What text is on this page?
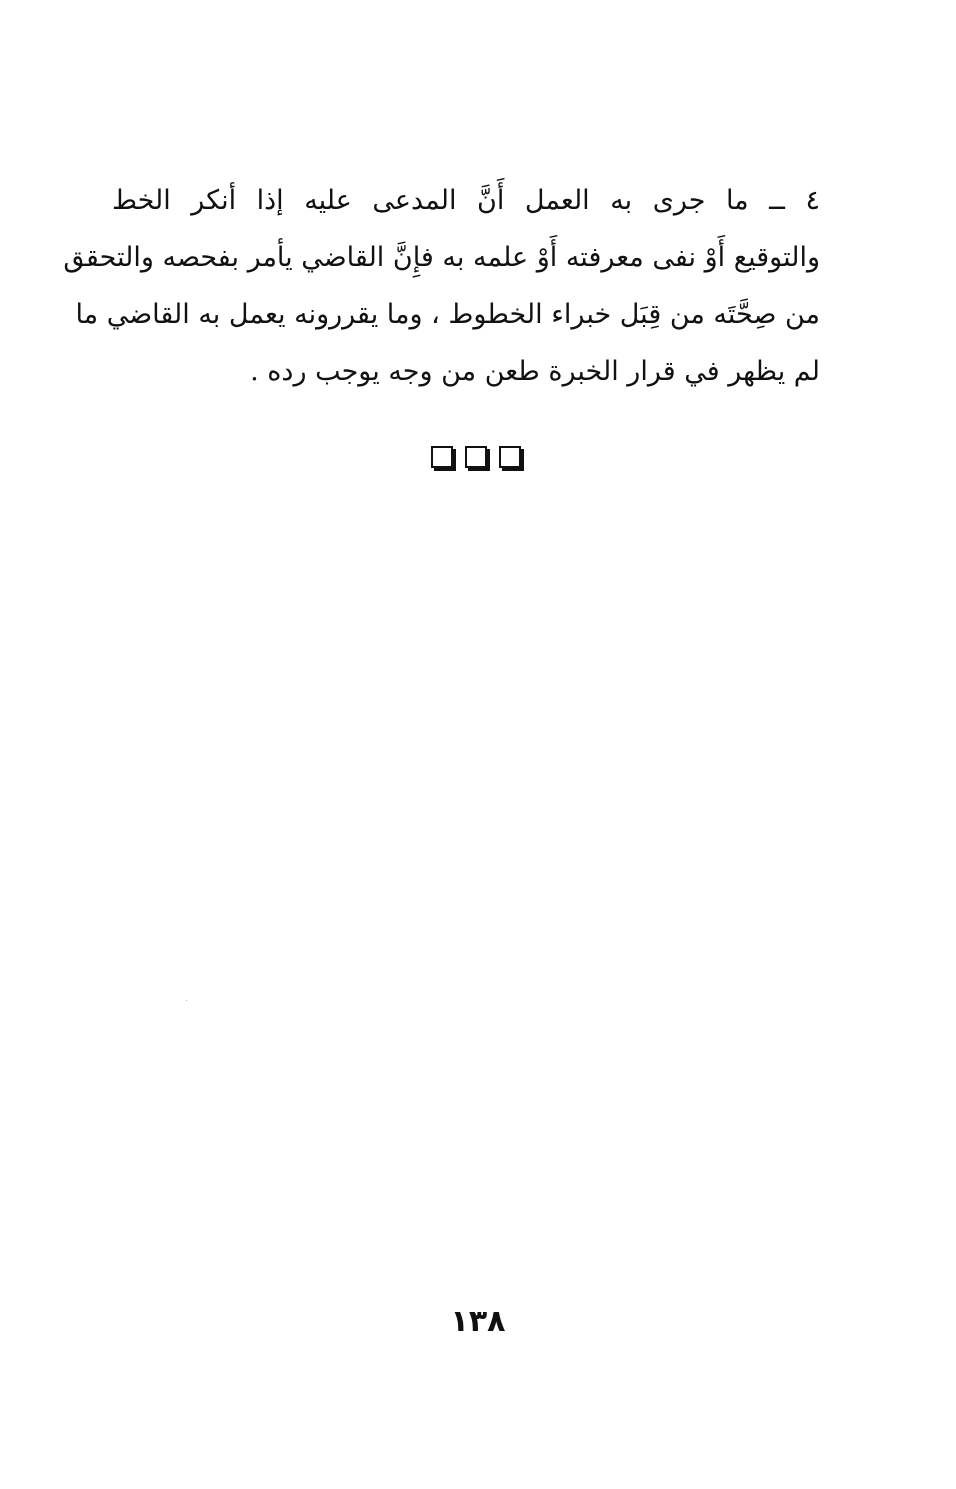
٤ ــ ما جرى به العمل أَنَّ المدعى عليه إذا أنكر الخط
والتوقيع أَوْ نفى معرفته أَوْ علمه به فإِنَّ القاضي يأمر بفحصه والتحقق
من صِحَّتَه من قِبَل خبراء الخطوط ، وما يقررونه يعمل به القاضي ما
لم يظهر في قرار الخبرة طعن من وجه يوجب رده .
١٣٨
